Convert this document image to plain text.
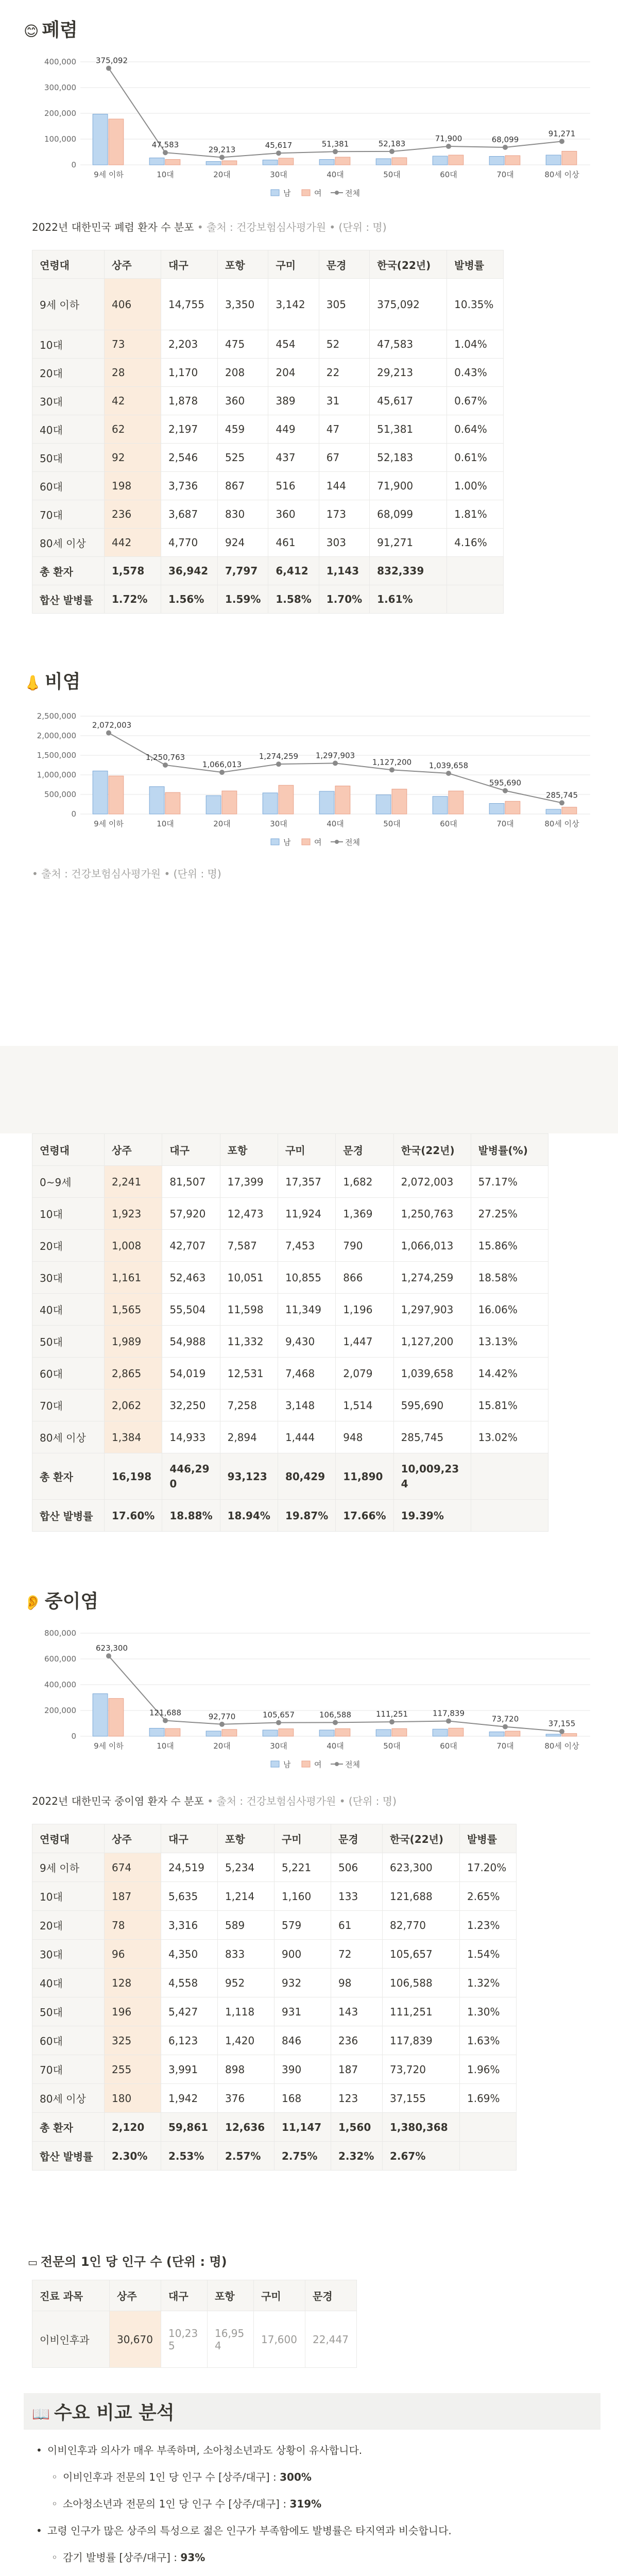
😊 폐렴
400,000
300,000
200,000
100,000
0
9세 이하	10대	20대	30대	40대	50대	60대	70대	80세 이상
375,092
47,583
29,213	45,617	51,381	52,183
71,900	68,099
91,271
남	여	전체
2022년 대한민국 폐렴 환자 수 분포 • 출처 : 건강보험심사평가원 • (단위 : 명)
연령대	상주	대구	포항	구미	문경	한국(22년)	발병률
9세 이하	406	14,755	3,350	3,142	305	375,092	10.35%
10대	73	2,203	475	454	52	47,583	1.04%
20대	28	1,170	208	204	22	29,213	0.43%
30대	42	1,878	360	389	31	45,617	0.67%
40대	62	2,197	459	449	47	51,381	0.64%
50대	92	2,546	525	437	67	52,183	0.61%
60대	198	3,736	867	516	144	71,900	1.00%
70대	236	3,687	830	360	173	68,099	1.81%
80세 이상	442	4,770	924	461	303	91,271	4.16%
총 환자	1,578	36,942	7,797	6,412	1,143	832,339	
합산 발병률	1.72%	1.56%	1.59%	1.58%	1.70%	1.61%	
👃 비염
2,500,000
2,000,000
1,500,000
1,000,000
500,000
0
9세 이하	10대	20대	30대	40대	50대	60대	70대	80세 이상
2,072,003
1,250,763
1,066,013
1,274,259 1,297,903
1,127,200 1,039,658
595,690
285,745
남	여	전체
• 출처 : 건강보험심사평가원 • (단위 : 명)
연령대	상주	대구	포항	구미	문경	한국(22년)	발병률(%)
0~9세	2,241	81,507	17,399	17,357	1,682	2,072,003	57.17%
10대	1,923	57,920	12,473	11,924	1,369	1,250,763	27.25%
20대	1,008	42,707	7,587	7,453	790	1,066,013	15.86%
30대	1,161	52,463	10,051	10,855	866	1,274,259	18.58%
40대	1,565	55,504	11,598	11,349	1,196	1,297,903	16.06%
50대	1,989	54,988	11,332	9,430	1,447	1,127,200	13.13%
60대	2,865	54,019	12,531	7,468	2,079	1,039,658	14.42%
70대	2,062	32,250	7,258	3,148	1,514	595,690	15.81%
80세 이상	1,384	14,933	2,894	1,444	948	285,745	13.02%
총 환자	16,198	446,290	93,123	80,429	11,890	10,009,234	
합산 발병률	17.60%	18.88%	18.94%	19.87%	17.66%	19.39%	
👂 중이염
800,000
600,000
400,000
200,000
0
9세 이하	10대	20대	30대	40대	50대	60대	70대	80세 이상
623,300
121,688	92,770	105,657	106,588	111,251	117,839
73,720
37,155
남	여	전체
2022년 대한민국 중이염 환자 수 분포 • 출처 : 건강보험심사평가원 • (단위 : 명)
연령대	상주	대구	포항	구미	문경	한국(22년)	발병률
9세 이하	674	24,519	5,234	5,221	506	623,300	17.20%
10대	187	5,635	1,214	1,160	133	121,688	2.65%
20대	78	3,316	589	579	61	82,770	1.23%
30대	96	4,350	833	900	72	105,657	1.54%
40대	128	4,558	952	932	98	106,588	1.32%
50대	196	5,427	1,118	931	143	111,251	1.30%
60대	325	6,123	1,420	846	236	117,839	1.63%
70대	255	3,991	898	390	187	73,720	1.96%
80세 이상	180	1,942	376	168	123	37,155	1.69%
총 환자	2,120	59,861	12,636	11,147	1,560	1,380,368	
합산 발병률	2.30%	2.53%	2.57%	2.75%	2.32%	2.67%	
▭ 전문의 1인 당 인구 수 (단위 : 명)
진료 과목	상주	대구	포항	구미	문경
이비인후과	30,670	10,235	16,954	17,600	22,447
📖 수요 비교 분석
• 이비인후과 의사가 매우 부족하며, 소아청소년과도 상황이 유사합니다.
◦ 이비인후과 전문의 1인 당 인구 수 [상주/대구] : 300%
◦ 소아청소년과 전문의 1인 당 인구 수 [상주/대구] : 319%
• 고령 인구가 많은 상주의 특성으로 젊은 인구가 부족함에도 발병률은 타지역과 비슷합니다.
◦ 감기 발병률 [상주/대구] : 93%
